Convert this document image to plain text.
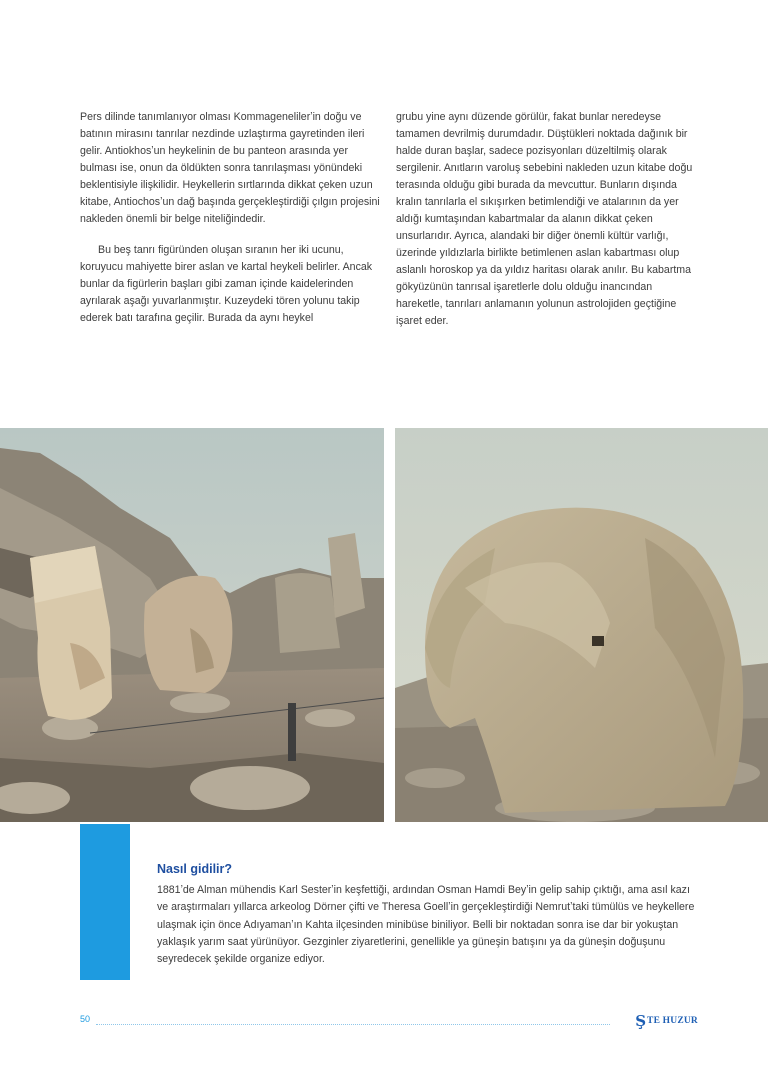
Pers dilinde tanımlanıyor olması Kommagenelilerʼin doğu ve batının mirasını tanrılar nezdinde uzlaştırma gayretinden ileri gelir. Antiokhosʼun heykelinin de bu panteon arasında yer bulması ise, onun da öldükten sonra tanrılaşması yönündeki beklentisiyle ilişkilidir. Heykellerin sırtlarında dikkat çeken uzun kitabe, Antiochosʼun dağ başında gerçekleştirdiği çılgın projesini nakleden önemli bir belge niteliğindedir.

Bu beş tanrı figüründen oluşan sıranın her iki ucunu, koruyucu mahiyette birer aslan ve kartal heykeli belirler. Ancak bunlar da figürlerin başları gibi zaman içinde kaidelerinden ayrılarak aşağı yuvarlanmıştır. Kuzeydeki tören yolunu takip ederek batı tarafına geçilir. Burada da aynı heykel

grubu yine aynı düzende görülür, fakat bunlar neredeyse tamamen devrilmiş durumdadır. Düştükleri noktada dağınık bir halde duran başlar, sadece pozisyonları düzeltilmiş olarak sergilenir. Anıtların varoluş sebebini nakleden uzun kitabe doğu terasında olduğu gibi burada da mevcuttur. Bunların dışında kralın tanrılarla el sıkışırken betimlendiği ve atalarının da yer aldığı kumtaşından kabartmalar da alanın dikkat çeken unsurlarıdır. Ayrıca, alandaki bir diğer önemli kültür varlığı, üzerinde yıldızlarla birlikte betimlenen aslan kabartması olup aslanlı horoskop ya da yıldız haritası olarak anılır. Bu kabartma gökyüzünün tanrısal işaretlerle dolu olduğu inancından hareketle, tanrıları anlamanın yolunun astrolojiden geçtiğine işaret eder.

Nasıl gidilir?
1881ʼde Alman mühendis Karl Sesterʼin keşfettiği, ardından Osman Hamdi Beyʼin gelip sahip çıktığı, ama asıl kazı ve araştırmaları yıllarca arkeolog Dörner çifti ve Theresa Goellʼin gerçekleştirdiği Nemrutʼtaki tümülüs ve heykellere ulaşmak için önce Adıyamanʼın Kahta ilçesinden minibüse biniliyor. Belli bir noktadan sonra ise dar bir yokuştan yaklaşık yarım saat yürünüyor. Gezginler ziyaretlerini, genellikle ya güneşin batışını ya da güneşin doğuşunu seyredecek şekilde organize ediyor.
50	Ş TE HUZUR
